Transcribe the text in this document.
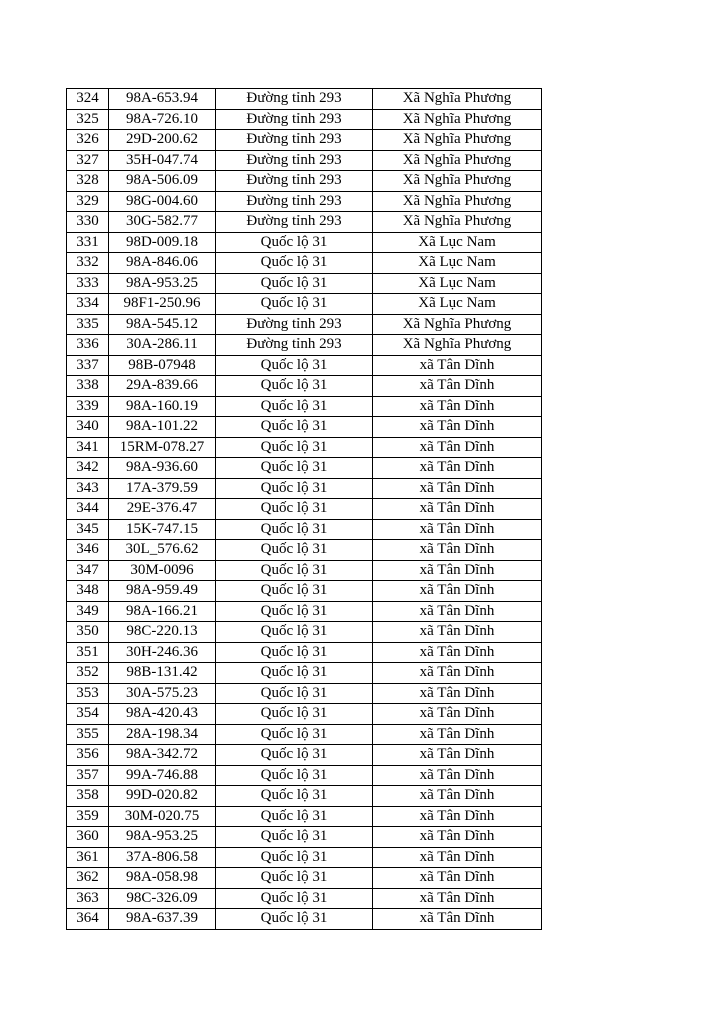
324	98A-653.94	Đường tỉnh 293	Xã Nghĩa Phương
325	98A-726.10	Đường tỉnh 293	Xã Nghĩa Phương
326	29D-200.62	Đường tỉnh 293	Xã Nghĩa Phương
327	35H-047.74	Đường tỉnh 293	Xã Nghĩa Phương
328	98A-506.09	Đường tỉnh 293	Xã Nghĩa Phương
329	98G-004.60	Đường tỉnh 293	Xã Nghĩa Phương
330	30G-582.77	Đường tỉnh 293	Xã Nghĩa Phương
331	98D-009.18	Quốc lộ 31	Xã Lục Nam
332	98A-846.06	Quốc lộ 31	Xã Lục Nam
333	98A-953.25	Quốc lộ 31	Xã Lục Nam
334	98F1-250.96	Quốc lộ 31	Xã Lục Nam
335	98A-545.12	Đường tỉnh 293	Xã Nghĩa Phương
336	30A-286.11	Đường tỉnh 293	Xã Nghĩa Phương
337	98B-07948	Quốc lộ 31	xã Tân Dĩnh
338	29A-839.66	Quốc lộ 31	xã Tân Dĩnh
339	98A-160.19	Quốc lộ 31	xã Tân Dĩnh
340	98A-101.22	Quốc lộ 31	xã Tân Dĩnh
341	15RM-078.27	Quốc lộ 31	xã Tân Dĩnh
342	98A-936.60	Quốc lộ 31	xã Tân Dĩnh
343	17A-379.59	Quốc lộ 31	xã Tân Dĩnh
344	29E-376.47	Quốc lộ 31	xã Tân Dĩnh
345	15K-747.15	Quốc lộ 31	xã Tân Dĩnh
346	30L_576.62	Quốc lộ 31	xã Tân Dĩnh
347	30M-0096	Quốc lộ 31	xã Tân Dĩnh
348	98A-959.49	Quốc lộ 31	xã Tân Dĩnh
349	98A-166.21	Quốc lộ 31	xã Tân Dĩnh
350	98C-220.13	Quốc lộ 31	xã Tân Dĩnh
351	30H-246.36	Quốc lộ 31	xã Tân Dĩnh
352	98B-131.42	Quốc lộ 31	xã Tân Dĩnh
353	30A-575.23	Quốc lộ 31	xã Tân Dĩnh
354	98A-420.43	Quốc lộ 31	xã Tân Dĩnh
355	28A-198.34	Quốc lộ 31	xã Tân Dĩnh
356	98A-342.72	Quốc lộ 31	xã Tân Dĩnh
357	99A-746.88	Quốc lộ 31	xã Tân Dĩnh
358	99D-020.82	Quốc lộ 31	xã Tân Dĩnh
359	30M-020.75	Quốc lộ 31	xã Tân Dĩnh
360	98A-953.25	Quốc lộ 31	xã Tân Dĩnh
361	37A-806.58	Quốc lộ 31	xã Tân Dĩnh
362	98A-058.98	Quốc lộ 31	xã Tân Dĩnh
363	98C-326.09	Quốc lộ 31	xã Tân Dĩnh
364	98A-637.39	Quốc lộ 31	xã Tân Dĩnh
